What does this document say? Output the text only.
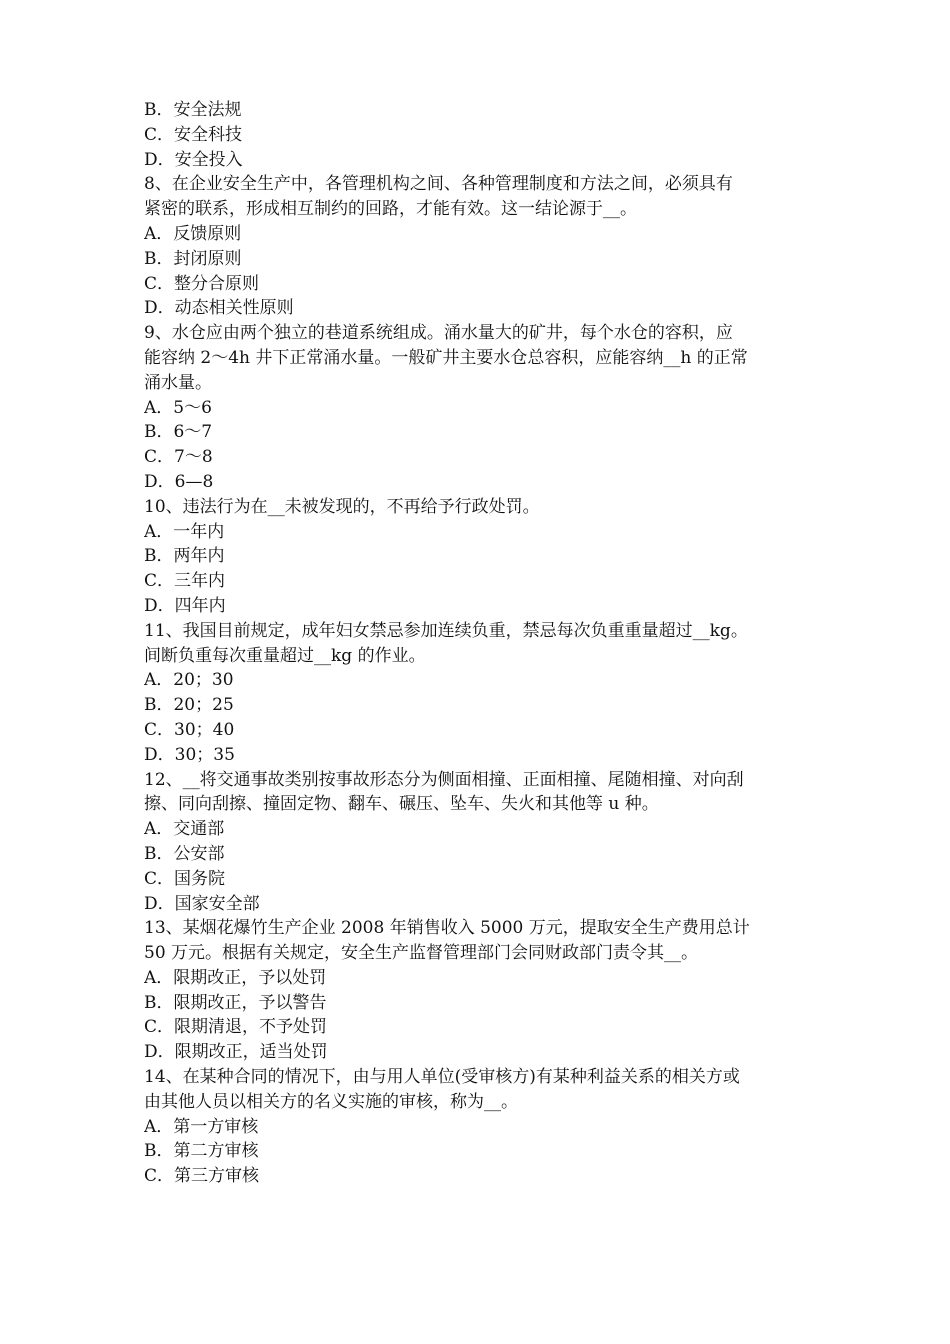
B．安全法规
C．安全科技
D．安全投入
8、在企业安全生产中，各管理机构之间、各种管理制度和方法之间，必须具有
紧密的联系，形成相互制约的回路，才能有效。这一结论源于__。
A．反馈原则
B．封闭原则
C．整分合原则
D．动态相关性原则
9、水仓应由两个独立的巷道系统组成。涌水量大的矿井，每个水仓的容积，应
能容纳 2～4h 井下正常涌水量。一般矿井主要水仓总容积，应能容纳__h 的正常
涌水量。
A．5～6
B．6～7
C．7～8
D．6—8
10、违法行为在__未被发现的，不再给予行政处罚。
A．一年内
B．两年内
C．三年内
D．四年内
11、我国目前规定，成年妇女禁忌参加连续负重，禁忌每次负重重量超过__kg。
间断负重每次重量超过__kg 的作业。
A．20；30
B．20；25
C．30；40
D．30；35
12、__将交通事故类别按事故形态分为侧面相撞、正面相撞、尾随相撞、对向刮
擦、同向刮擦、撞固定物、翻车、碾压、坠车、失火和其他等 u 种。
A．交通部
B．公安部
C．国务院
D．国家安全部
13、某烟花爆竹生产企业 2008 年销售收入 5000 万元，提取安全生产费用总计
50 万元。根据有关规定，安全生产监督管理部门会同财政部门责令其__。
A．限期改正，予以处罚
B．限期改正，予以警告
C．限期清退，不予处罚
D．限期改正，适当处罚
14、在某种合同的情况下，由与用人单位(受审核方)有某种利益关系的相关方或
由其他人员以相关方的名义实施的审核，称为__。
A．第一方审核
B．第二方审核
C．第三方审核
